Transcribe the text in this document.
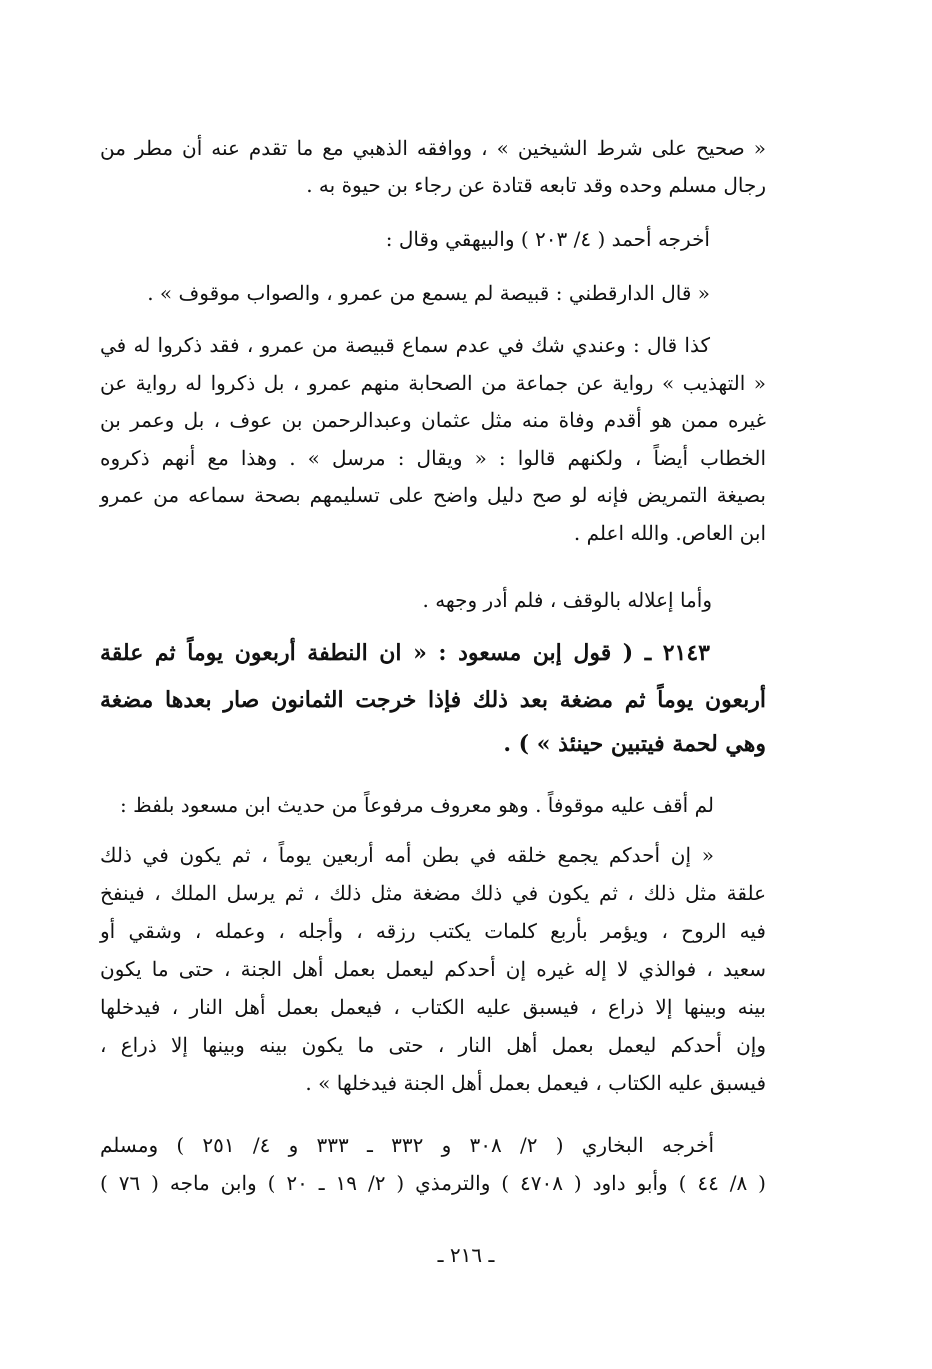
« صحيح على شرط الشيخين » ، ووافقه الذهبي مع ما تقدم عنه أن مطر من
رجال مسلم وحده وقد تابعه قتادة عن رجاء بن حيوة به .
أخرجه أحمد ( ٤/ ٢٠٣ ) والبيهقي وقال :
« قال الدارقطني : قبيصة لم يسمع من عمرو ، والصواب موقوف » .
كذا قال : وعندي شك في عدم سماع قبيصة من عمرو ، فقد ذكروا له في
« التهذيب » رواية عن جماعة من الصحابة منهم عمرو ، بل ذكروا له رواية عن
غيره ممن هو أقدم وفاة منه مثل عثمان وعبدالرحمن بن عوف ، بل وعمر بن
الخطاب أيضاً ، ولكنهم قالوا : « ويقال : مرسل » . وهذا مع أنهم ذكروه
بصيغة التمريض فإنه لو صح دليل واضح على تسليمهم بصحة سماعه من عمرو
ابن العاص. والله اعلم .
وأما إعلاله بالوقف ، فلم أدر وجهه .
٢١٤٣ ـ ( قول إبن مسعود : « ان النطفة أربعون يوماً ثم علقة
أربعون يوماً ثم مضغة بعد ذلك فإذا خرجت الثمانون صار بعدها مضغة
وهي لحمة فيتبين حينئذ » ) .
لم أقف عليه موقوفاً . وهو معروف مرفوعاً من حديث ابن مسعود بلفظ :
« إن أحدكم يجمع خلقه في بطن أمه أربعين يوماً ، ثم يكون في ذلك
علقة مثل ذلك ، ثم يكون في ذلك مضغة مثل ذلك ، ثم يرسل الملك ، فينفخ
فيه الروح ، ويؤمر بأربع كلمات يكتب رزقه ، وأجله ، وعمله ، وشقي أو
سعيد ، فوالذي لا إله غيره إن أحدكم ليعمل بعمل أهل الجنة ، حتى ما يكون
بينه وبينها إلا ذراع ، فيسبق عليه الكتاب ، فيعمل بعمل أهل النار ، فيدخلها
وإن أحدكم ليعمل بعمل أهل النار ، حتى ما يكون بينه وبينها إلا ذراع ،
فيسبق عليه الكتاب ، فيعمل بعمل أهل الجنة فيدخلها » .
أخرجه البخاري ( ٢/ ٣٠٨ و ٣٣٢ ـ ٣٣٣ و ٤/ ٢٥١ ) ومسلم
( ٨/ ٤٤ ) وأبو داود ( ٤٧٠٨ ) والترمذي ( ٢/ ١٩ ـ ٢٠ ) وابن ماجه ( ٧٦ )
ـ ٢١٦ ـ
